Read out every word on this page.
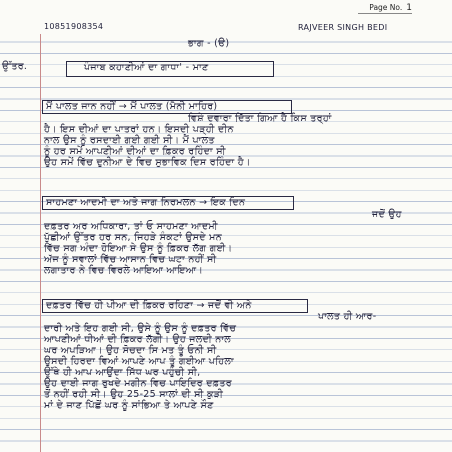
10851908354	RAJVEER SINGH BEDI
Page No. 1
ਭਾਗ - (ੳ)
ਉੱਤਰ.	ਪੰਜਾਬ ਕਹਾਣੀਆਂ ਦਾ ਗਾਧਾ' - ਮਾਣ
ਮੈਂ ਪਾਲਤ ਜਾਨ ਨਹੀਂ → ਮੈਂ ਪਾਲਤ (ਮੈਨੀ ਮਾਹਿਰ)
ਵਿਸ਼ੇ ਦਵਾਰਾ ਦਿੱਤਾ ਗਿਆ ਹੈ ਕਿਸ ਤਰ੍ਹਾਂ
ਹੈ। ਇਸ ਦੀਆਂ ਦਾ ਪਾਤਰਾਂ ਹਨ। ਇਸਦੀ ਪੜ੍ਹੀ ਦੀਨ
ਨਾਲ ਉਸ ਨੂੰ ਰਸਦਾਈ ਗਈ ਗਈ ਸੀ। ਮੈਂ ਪਾਲਤ
ਨੂੰ ਹਰ ਸਮੇਂ ਆਪਣੀਆਂ ਦੀਆਂ ਦਾ ਫ਼ਿਕਰ ਰਹਿੰਦਾ ਸੀ
ਉਹ ਸਮੇਂ ਵਿੱਚ ਦੁਨੀਆ ਦੇ ਵਿਚ ਸੁਭਾਵਿਕ ਦਿਸ ਰਹਿੰਦਾ ਹੈ।
ਸਾਹਮਣਾ ਆਦਮੀ ਦਾ ਅਤੇ ਜਾਗ ਨਿਰਮਲਨ → ਇਕ ਦਿਨ
ਜਦੋਂ ਉਹ
ਦਫ਼ਤਰ ਅਰ ਅਧਿਕਾਰਾ, ਤਾਂ ਓ ਸਾਹਮਣਾ ਆਦਮੀ
ਪੁੱਛੀਆਂ ਉੱਤਰ ਹਰ ਸਨ, ਜਿਹੜੇ ਸੰਕਟਾਂ ਉਸਦੇ ਮਨ
ਵਿੱਚ ਸਗ ਅੰਦਾ ਹੋਇਆ ਸੇ ਉਸ ਨੂੰ ਫ਼ਿਕਰ ਲੱਗ ਗਈ।
ਅੱਜ ਨੂੰ ਸਵਾਲਾਂ ਵਿੱਚ ਆਸਾਨ ਵਿਚ ਘਟਾ ਨਹੀਂ ਸੀ
ਲਗਾਤਾਰ ਨੇ ਵਿਚ ਵਿਰਲੇ ਆਇਆ ਆਇਆ।
ਦਫ਼ਤਰ ਵਿੱਚ ਹੀ ਪੀਆ ਦੀ ਫ਼ਿਕਰ ਰਹਿਣਾ → ਜਦੋਂ ਵੀ ਅਨੇ
ਪਾਲਤ ਹੀ ਆਰ-
ਦਾਰੀ ਅਤੇ ਇਹ ਗਈ ਸੀ, ਉਸੇ ਨੂੰ ਉਸ ਨੂੰ ਦਫ਼ਤਰ ਵਿੱਚ
ਆਪਣੀਆਂ ਧੀਆਂ ਦੀ ਫ਼ਿਕਰ ਲੱਗੀ। ਉਹ ਜਲਦੀ ਨਾਲ
ਘਰ ਅਪੜਿਆ। ਉਹ ਸੋਚਦਾ ਸਿ ਮਤ ਤੂੰ ਓਨੀ ਸੀ
ਉਸਦੀ ਹਿਰਦਾ ਵਿਆਂ ਆਪਣੇ ਆਪ ਤੂੰ ਗਈਆ ਪਹਿਲਾ
ਉੱਥੇ ਹੀ ਆਪ ਆਉਂਦਾ ਸਿੱਧ ਘਰ ਪਹੁੰਚੀ ਸੀ,
ਉਹ ਦਾਈ ਜਾਗ ਰੁਖਦੇ ਮਗੀਨ ਵਿਚ ਪਾਇਦਿਰ ਦਫ਼ਤਰ
ਤੋਂ ਨਹੀਂ ਰਹੀ ਸੀ। ਉਹ 25-25 ਸਾਲਾਂ ਦੀ ਸੀ ਕੁੜੀ
ਮਾਂ ਦੇ ਜਾਣ ਪਿੱਛੋਂ ਘਰ ਨੂੰ ਸਾਂਭਿਆ ਤੇ ਆਪਣੇ ਸੌਣ
